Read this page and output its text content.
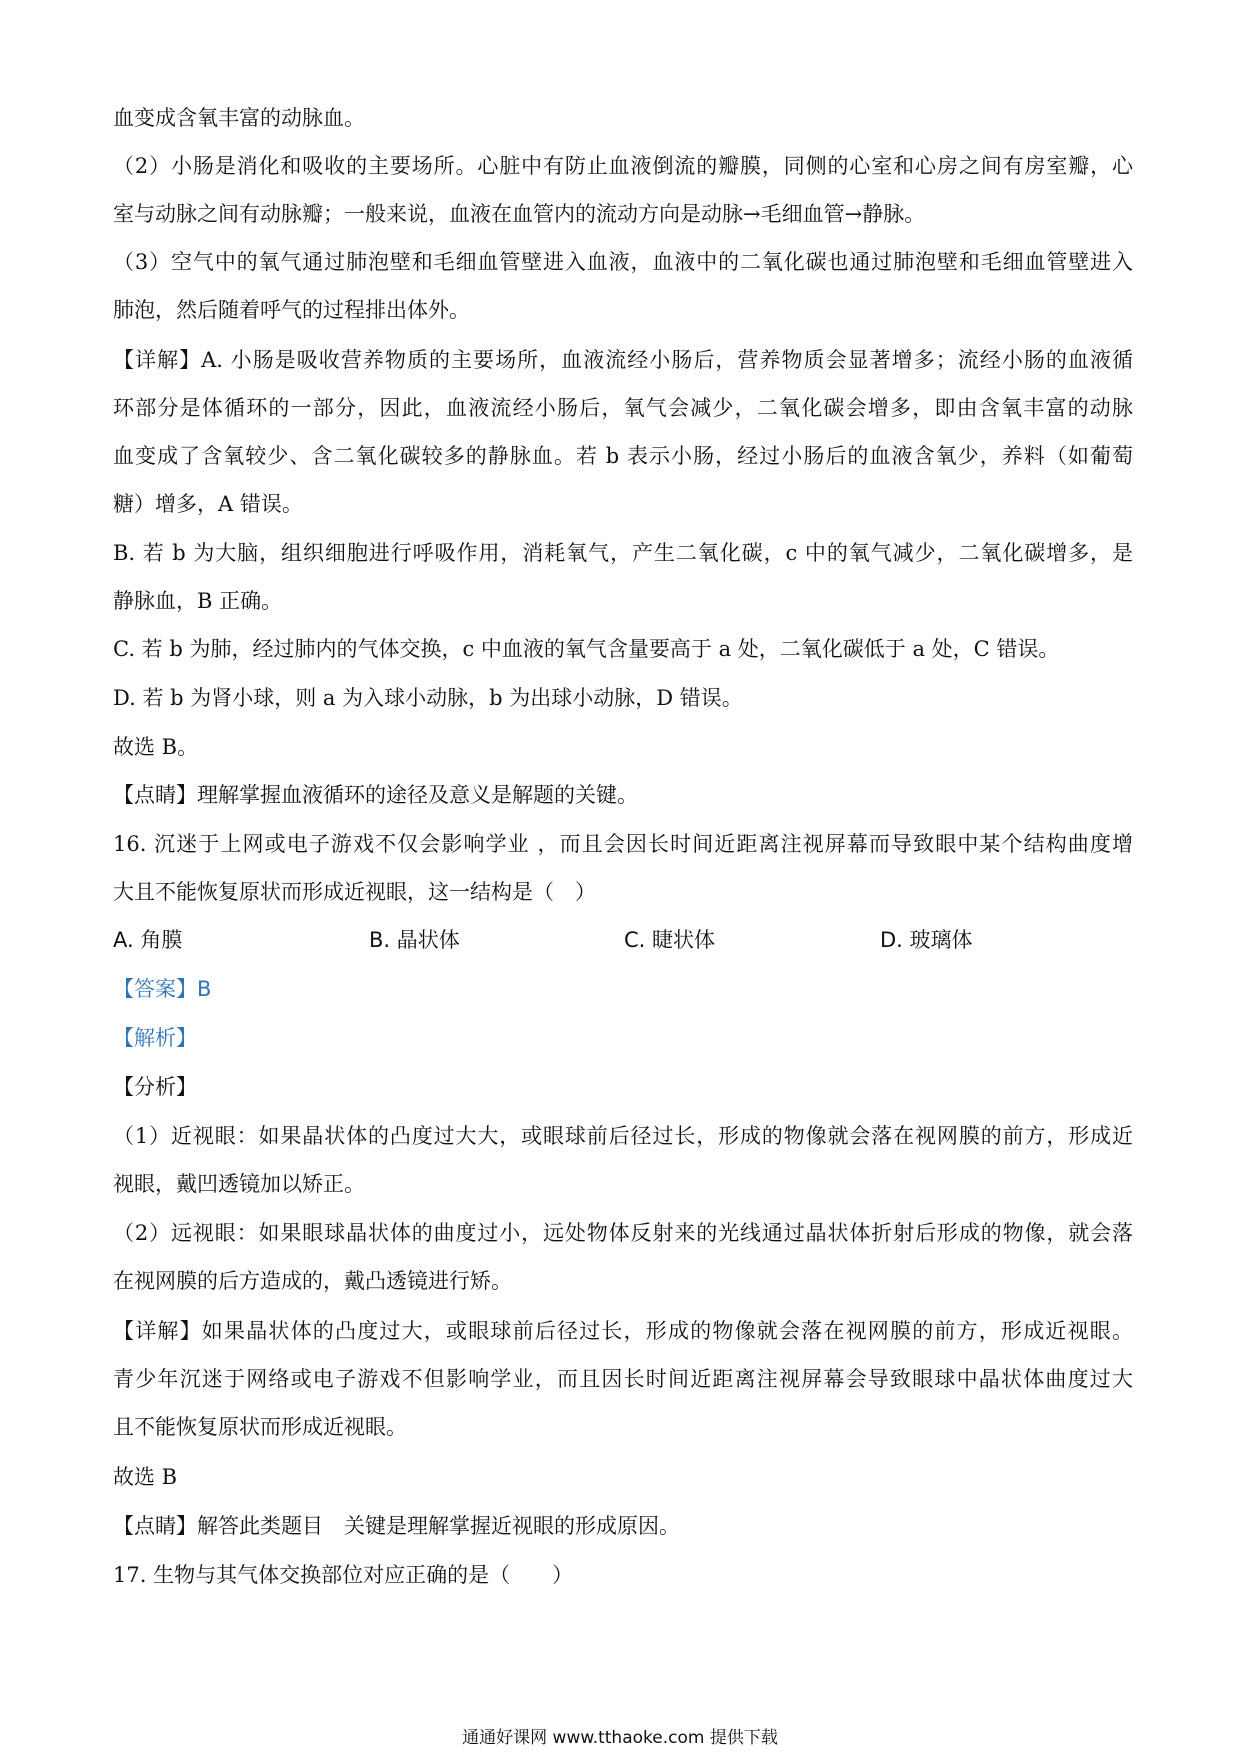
血变成含氧丰富的动脉血。
（2）小肠是消化和吸收的主要场所。心脏中有防止血液倒流的瓣膜，同侧的心室和心房之间有房室瓣，心
室与动脉之间有动脉瓣；一般来说，血液在血管内的流动方向是动脉→毛细血管→静脉。
（3）空气中的氧气通过肺泡壁和毛细血管壁进入血液，血液中的二氧化碳也通过肺泡壁和毛细血管壁进入
肺泡，然后随着呼气的过程排出体外。
【详解】A. 小肠是吸收营养物质的主要场所，血液流经小肠后，营养物质会显著增多；流经小肠的血液循
环部分是体循环的一部分，因此，血液流经小肠后，氧气会减少，二氧化碳会增多，即由含氧丰富的动脉
血变成了含氧较少、含二氧化碳较多的静脉血。若 b 表示小肠，经过小肠后的血液含氧少，养料（如葡萄
糖）增多，A 错误。
B. 若 b 为大脑，组织细胞进行呼吸作用，消耗氧气，产生二氧化碳，c 中的氧气减少，二氧化碳增多，是
静脉血，B 正确。
C. 若 b 为肺，经过肺内的气体交换，c 中血液的氧气含量要高于 a 处，二氧化碳低于 a 处，C 错误。
D. 若 b 为肾小球，则 a 为入球小动脉，b 为出球小动脉，D 错误。
故选 B。
【点睛】理解掌握血液循环的途径及意义是解题的关键。
16. 沉迷于上网或电子游戏不仅会影响学业 ，而且会因长时间近距离注视屏幕而导致眼中某个结构曲度增
大且不能恢复原状而形成近视眼，这一结构是（　）
A. 角膜	B. 晶状体	C. 睫状体	D. 玻璃体
【答案】B
【解析】
【分析】
（1）近视眼：如果晶状体的凸度过大大，或眼球前后径过长，形成的物像就会落在视网膜的前方，形成近
视眼，戴凹透镜加以矫正。
（2）远视眼：如果眼球晶状体的曲度过小，远处物体反射来的光线通过晶状体折射后形成的物像，就会落
在视网膜的后方造成的，戴凸透镜进行矫。
【详解】如果晶状体的凸度过大，或眼球前后径过长，形成的物像就会落在视网膜的前方，形成近视眼。
青少年沉迷于网络或电子游戏不但影响学业，而且因长时间近距离注视屏幕会导致眼球中晶状体曲度过大
且不能恢复原状而形成近视眼。
故选 B
【点睛】解答此类题目　关键是理解掌握近视眼的形成原因。
17. 生物与其气体交换部位对应正确的是（　　）
通通好课网 www.tthaoke.com 提供下载
